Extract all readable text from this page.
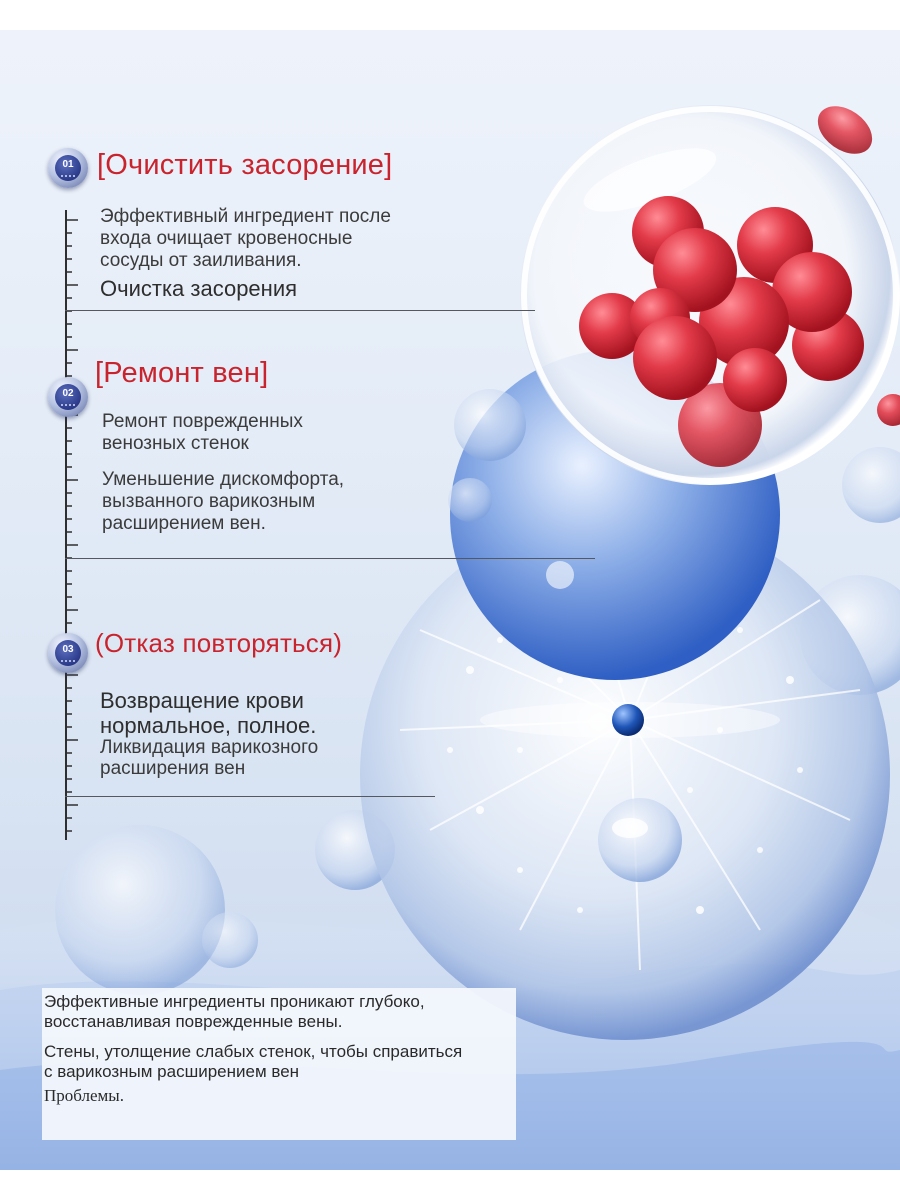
01 [Очистить засорение]
Эффективный ингредиент после
входа очищает кровеносные
сосуды от заиливания.
Очистка засорения
02
[Ремонт вен]
Ремонт поврежденных
венозных стенок
Уменьшение дискомфорта,
вызванного варикозным
расширением вен.
03 (Отказ повторяться)
Возвращение крови
нормальное, полное.
Ликвидация варикозного
расширения вен
Эффективные ингредиенты проникают глубоко,
восстанавливая поврежденные вены.
Стены, утолщение слабых стенок, чтобы справиться
с варикозным расширением вен
Проблемы.
